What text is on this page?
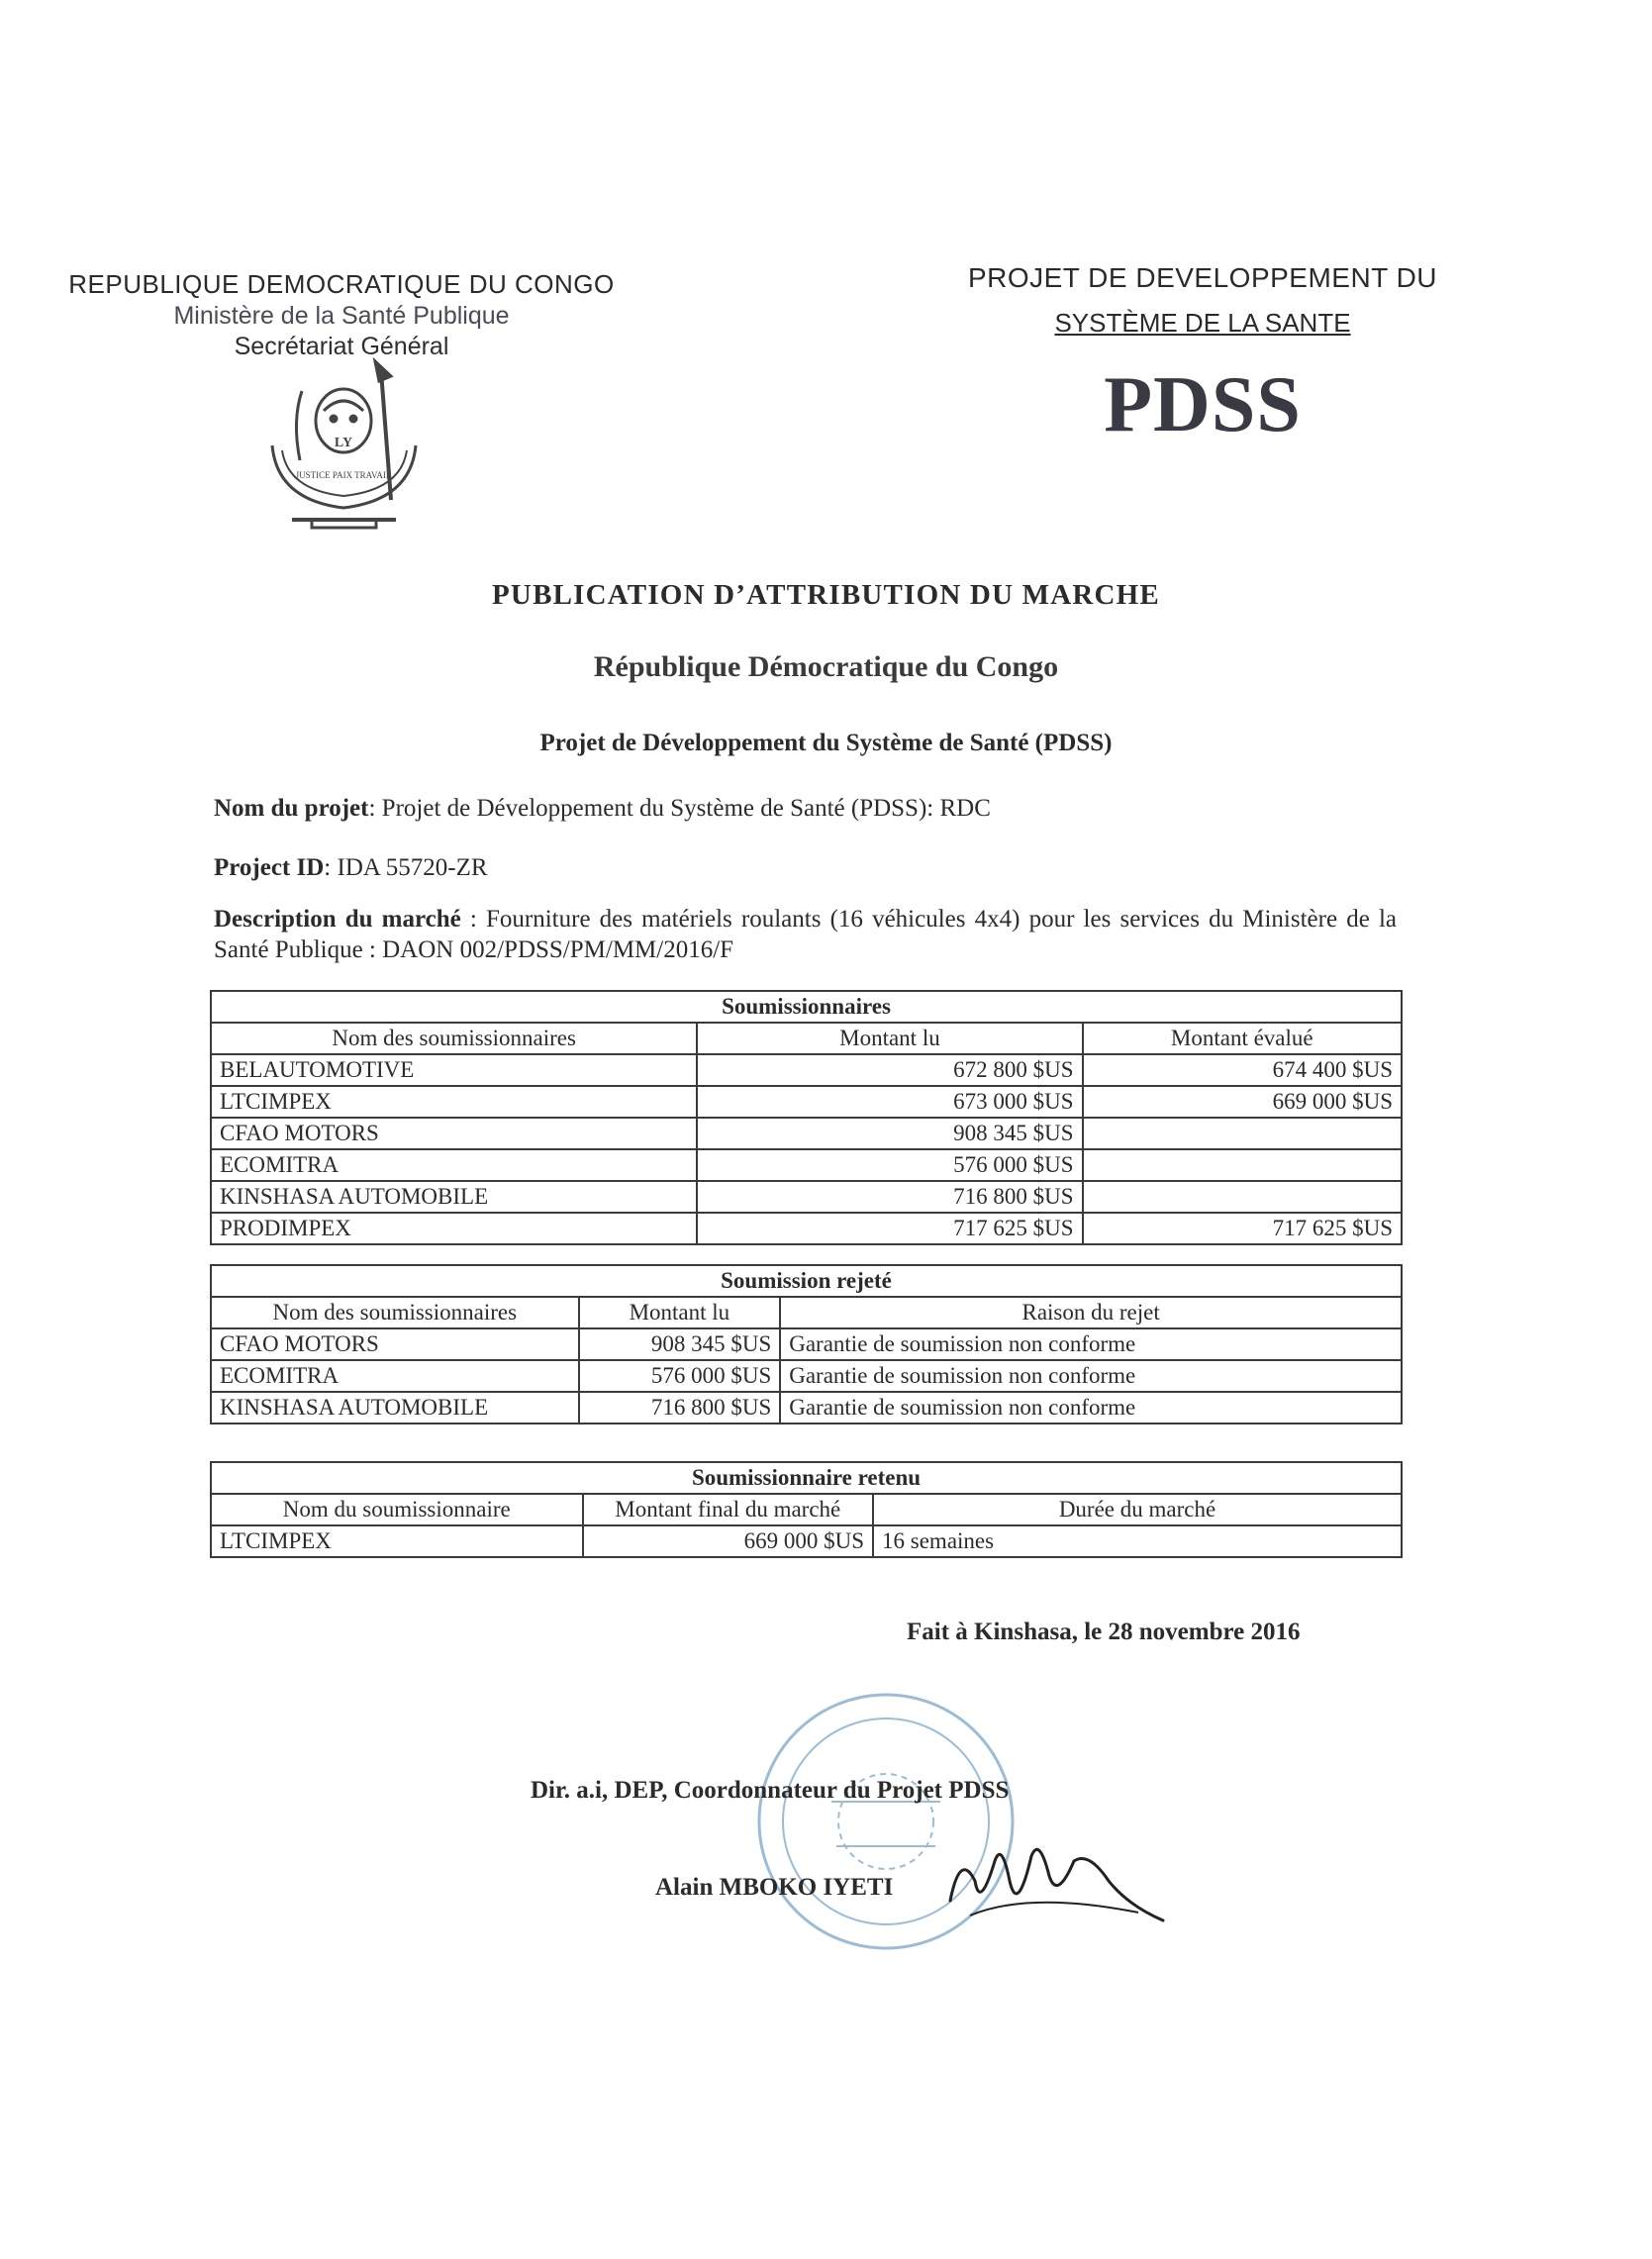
REPUBLIQUE DEMOCRATIQUE DU CONGO
Ministère de la Santé Publique
Secrétariat Général
LY
JUSTICE PAIX TRAVAIL
PROJET DE DEVELOPPEMENT DU
SYSTÈME DE LA SANTE
PDSS
PUBLICATION D’ATTRIBUTION DU MARCHE
République Démocratique du Congo
Projet de Développement du Système de Santé (PDSS)
Nom du projet: Projet de Développement du Système de Santé (PDSS): RDC
Project ID: IDA 55720-ZR
Description du marché : Fourniture des matériels roulants (16 véhicules 4x4) pour les services du Ministère de la Santé Publique : DAON 002/PDSS/PM/MM/2016/F
Soumissionnaires		
Nom des soumissionnaires	Montant lu	Montant évalué
BELAUTOMOTIVE	672 800 $US	674 400 $US
LTCIMPEX	673 000 $US	669 000 $US
CFAO MOTORS	908 345 $US	
ECOMITRA	576 000 $US	
KINSHASA AUTOMOBILE	716 800 $US	
PRODIMPEX	717 625 $US	717 625 $US
Soumission rejeté		
Nom des soumissionnaires	Montant lu	Raison du rejet
CFAO MOTORS	908 345 $US	Garantie de soumission non conforme
ECOMITRA	576 000 $US	Garantie de soumission non conforme
KINSHASA AUTOMOBILE	716 800 $US	Garantie de soumission non conforme
Soumissionnaire retenu		
Nom du soumissionnaire	Montant final du marché	Durée du marché
LTCIMPEX	669 000 $US	16 semaines
Fait à Kinshasa, le 28 novembre 2016
Dir. a.i, DEP, Coordonnateur du Projet PDSS
Alain MBOKO IYETI
